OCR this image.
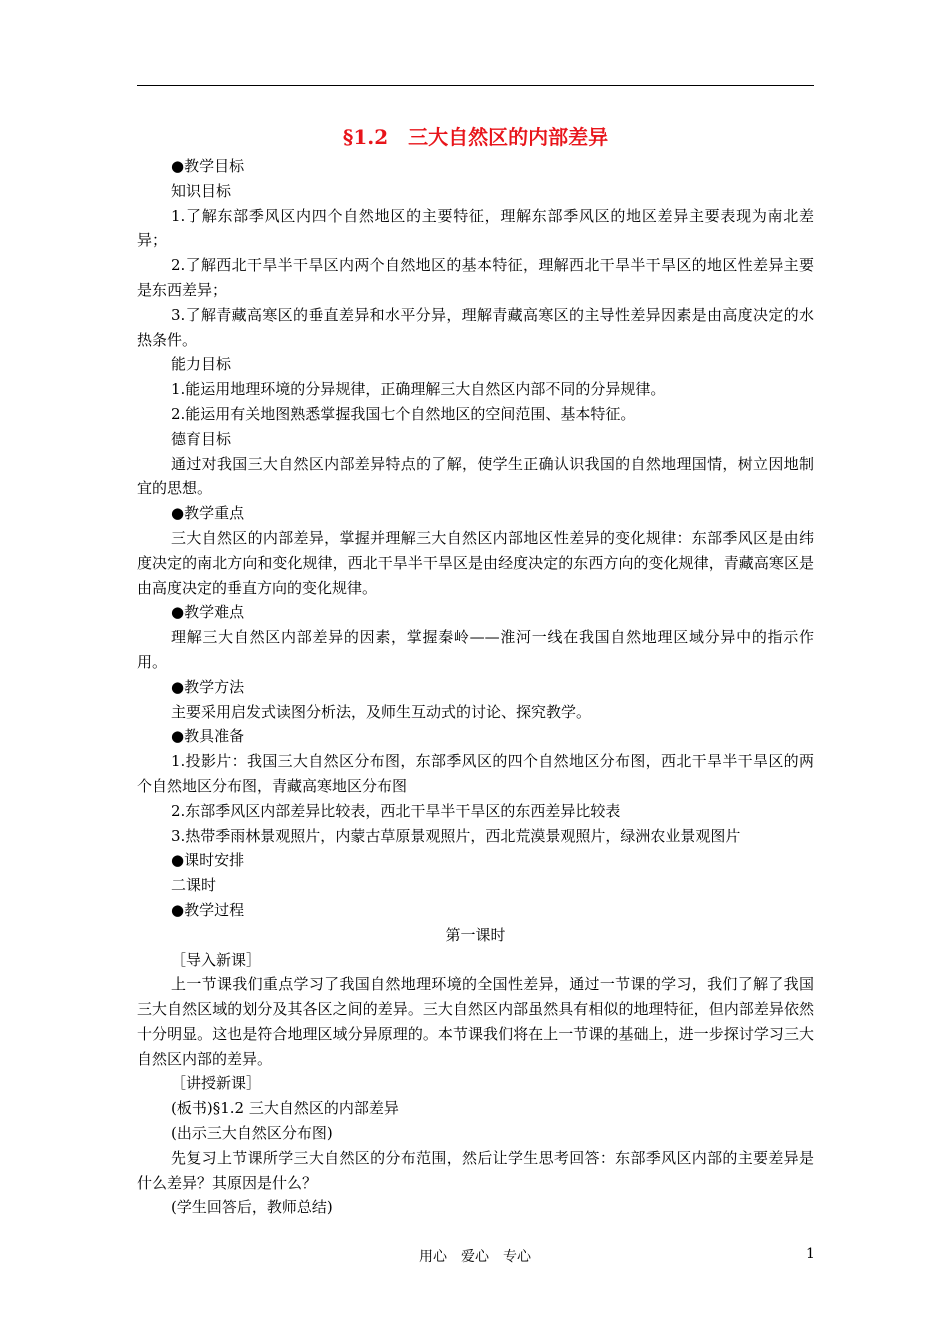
§1.2　三大自然区的内部差异
●教学目标
知识目标
1.了解东部季风区内四个自然地区的主要特征，理解东部季风区的地区差异主要表现为南北差异；
2.了解西北干旱半干旱区内两个自然地区的基本特征，理解西北干旱半干旱区的地区性差异主要是东西差异；
3.了解青藏高寒区的垂直差异和水平分异，理解青藏高寒区的主导性差异因素是由高度决定的水热条件。
能力目标
1.能运用地理环境的分异规律，正确理解三大自然区内部不同的分异规律。
2.能运用有关地图熟悉掌握我国七个自然地区的空间范围、基本特征。
德育目标
通过对我国三大自然区内部差异特点的了解，使学生正确认识我国的自然地理国情，树立因地制宜的思想。
●教学重点
三大自然区的内部差异，掌握并理解三大自然区内部地区性差异的变化规律：东部季风区是由纬度决定的南北方向和变化规律，西北干旱半干旱区是由经度决定的东西方向的变化规律，青藏高寒区是由高度决定的垂直方向的变化规律。
●教学难点
理解三大自然区内部差异的因素，掌握秦岭——淮河一线在我国自然地理区域分异中的指示作用。
●教学方法
主要采用启发式读图分析法，及师生互动式的讨论、探究教学。
●教具准备
1.投影片：我国三大自然区分布图，东部季风区的四个自然地区分布图，西北干旱半干旱区的两个自然地区分布图，青藏高寒地区分布图
2.东部季风区内部差异比较表，西北干旱半干旱区的东西差异比较表
3.热带季雨林景观照片，内蒙古草原景观照片，西北荒漠景观照片，绿洲农业景观图片
●课时安排
二课时
●教学过程
第一课时
［导入新课］
上一节课我们重点学习了我国自然地理环境的全国性差异，通过一节课的学习，我们了解了我国三大自然区域的划分及其各区之间的差异。三大自然区内部虽然具有相似的地理特征，但内部差异依然十分明显。这也是符合地理区域分异原理的。本节课我们将在上一节课的基础上，进一步探讨学习三大自然区内部的差异。
［讲授新课］
(板书)§1.2 三大自然区的内部差异
(出示三大自然区分布图)
先复习上节课所学三大自然区的分布范围，然后让学生思考回答：东部季风区内部的主要差异是什么差异？其原因是什么？
(学生回答后，教师总结)
用心　爱心　专心	1
